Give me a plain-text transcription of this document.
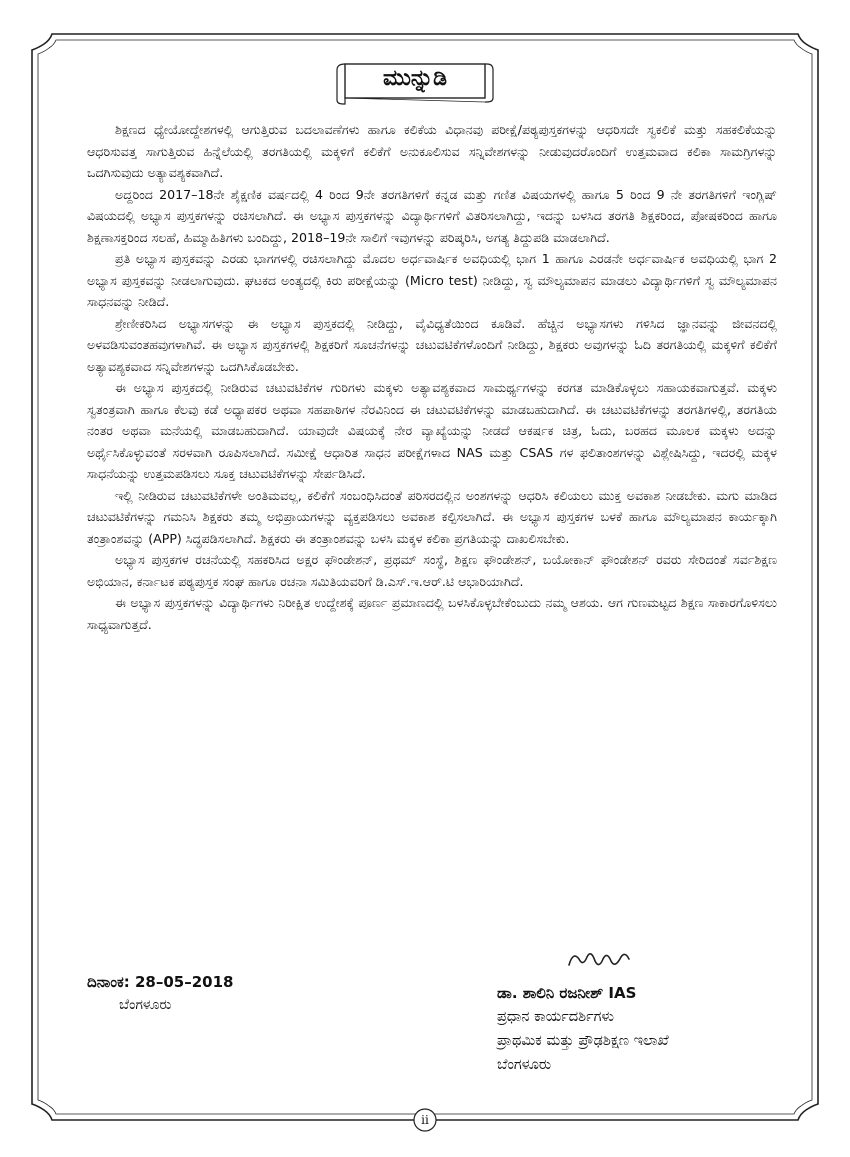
ಮುನ್ನುಡಿ

ಶಿಕ್ಷಣದ ಧ್ಯೇಯೋದ್ದೇಶಗಳಲ್ಲಿ ಆಗುತ್ತಿರುವ ಬದಲಾವಣೆಗಳು ಹಾಗೂ ಕಲಿಕೆಯ ವಿಧಾನವು ಪರೀಕ್ಷೆ/ಪಠ್ಯಪುಸ್ತಕಗಳನ್ನು ಆಧರಿಸದೇ ಸ್ವಕಲಿಕೆ ಮತ್ತು ಸಹಕಲಿಕೆಯನ್ನು ಆಧರಿಸುವತ್ತ ಸಾಗುತ್ತಿರುವ ಹಿನ್ನೆಲೆಯಲ್ಲಿ ತರಗತಿಯಲ್ಲಿ ಮಕ್ಕಳಿಗೆ ಕಲಿಕೆಗೆ ಅನುಕೂಲಿಸುವ ಸನ್ನಿವೇಶಗಳನ್ನು ನೀಡುವುದರೊಂದಿಗೆ ಉತ್ತಮವಾದ ಕಲಿಕಾ ಸಾಮಗ್ರಿಗಳನ್ನು ಒದಗಿಸುವುದು ಅತ್ಯಾವಶ್ಯಕವಾಗಿದೆ.

ಅದ್ದರಿಂದ 2017–18ನೇ ಶೈಕ್ಷಣಿಕ ವರ್ಷದಲ್ಲಿ 4 ರಿಂದ 9ನೇ ತರಗತಿಗಳಿಗೆ ಕನ್ನಡ ಮತ್ತು ಗಣಿತ ವಿಷಯಗಳಲ್ಲಿ ಹಾಗೂ 5 ರಿಂದ 9 ನೇ ತರಗತಿಗಳಿಗೆ ಇಂಗ್ಲಿಷ್ ವಿಷಯದಲ್ಲಿ ಅಭ್ಯಾಸ ಪುಸ್ತಕಗಳನ್ನು ರಚಿಸಲಾಗಿದೆ. ಈ ಅಭ್ಯಾಸ ಪುಸ್ತಕಗಳನ್ನು ವಿದ್ಯಾರ್ಥಿಗಳಿಗೆ ವಿತರಿಸಲಾಗಿದ್ದು, ಇದನ್ನು ಬಳಸಿದ ತರಗತಿ ಶಿಕ್ಷಕರಿಂದ, ಪೋಷಕರಿಂದ ಹಾಗೂ ಶಿಕ್ಷಣಾಸಕ್ತರಿಂದ ಸಲಹೆ, ಹಿಮ್ಮಾಹಿತಿಗಳು ಬಂದಿದ್ದು, 2018–19ನೇ ಸಾಲಿಗೆ ಇವುಗಳನ್ನು ಪರಿಷ್ಕರಿಸಿ, ಅಗತ್ಯ ತಿದ್ದುಪಡಿ ಮಾಡಲಾಗಿದೆ.

ಪ್ರತಿ ಅಭ್ಯಾಸ ಪುಸ್ತಕವನ್ನು ಎರಡು ಭಾಗಗಳಲ್ಲಿ ರಚಿಸಲಾಗಿದ್ದು ಮೊದಲ ಅರ್ಧವಾರ್ಷಿಕ ಅವಧಿಯಲ್ಲಿ ಭಾಗ 1 ಹಾಗೂ ಎರಡನೇ ಅರ್ಧವಾರ್ಷಿಕ ಅವಧಿಯಲ್ಲಿ ಭಾಗ 2 ಅಭ್ಯಾಸ ಪುಸ್ತಕವನ್ನು ನೀಡಲಾಗುವುದು. ಘಟಕದ ಅಂತ್ಯದಲ್ಲಿ ಕಿರು ಪರೀಕ್ಷೆಯನ್ನು (Micro test) ನೀಡಿದ್ದು, ಸ್ವ ಮೌಲ್ಯಮಾಪನ ಮಾಡಲು ವಿದ್ಯಾರ್ಥಿಗಳಿಗೆ ಸ್ವ ಮೌಲ್ಯಮಾಪನ ಸಾಧನವನ್ನು ನೀಡಿದೆ.

ಶ್ರೇಣೀಕರಿಸಿದ ಅಭ್ಯಾಸಗಳನ್ನು ಈ ಅಭ್ಯಾಸ ಪುಸ್ತಕದಲ್ಲಿ ನೀಡಿದ್ದು, ವೈವಿಧ್ಯತೆಯಿಂದ ಕೂಡಿವೆ. ಹೆಚ್ಚಿನ ಅಭ್ಯಾಸಗಳು ಗಳಿಸಿದ ಜ್ಞಾನವನ್ನು ಜೀವನದಲ್ಲಿ ಅಳವಡಿಸುವಂತಹವುಗಳಾಗಿವೆ. ಈ ಅಭ್ಯಾಸ ಪುಸ್ತಕಗಳಲ್ಲಿ ಶಿಕ್ಷಕರಿಗೆ ಸೂಚನೆಗಳನ್ನು ಚಟುವಟಿಕೆಗಳೊಂದಿಗೆ ನೀಡಿದ್ದು, ಶಿಕ್ಷಕರು ಅವುಗಳನ್ನು ಓದಿ ತರಗತಿಯಲ್ಲಿ ಮಕ್ಕಳಿಗೆ ಕಲಿಕೆಗೆ ಅತ್ಯಾವಶ್ಯಕವಾದ ಸನ್ನಿವೇಶಗಳನ್ನು ಒದಗಿಸಿಕೊಡಬೇಕು.

ಈ ಅಭ್ಯಾಸ ಪುಸ್ತಕದಲ್ಲಿ ನೀಡಿರುವ ಚಟುವಟಿಕೆಗಳ ಗುರಿಗಳು ಮಕ್ಕಳು ಅತ್ಯಾವಶ್ಯಕವಾದ ಸಾಮರ್ಥ್ಯಗಳನ್ನು ಕರಗತ ಮಾಡಿಕೊಳ್ಳಲು ಸಹಾಯಕವಾಗುತ್ತವೆ. ಮಕ್ಕಳು ಸ್ವತಂತ್ರವಾಗಿ ಹಾಗೂ ಕೆಲವು ಕಡೆ ಅಧ್ಯಾಪಕರ ಅಥವಾ ಸಹಪಾಠಿಗಳ ನೆರವಿನಿಂದ ಈ ಚಟುವಟಿಕೆಗಳನ್ನು ಮಾಡಬಹುದಾಗಿದೆ. ಈ ಚಟುವಟಿಕೆಗಳನ್ನು ತರಗತಿಗಳಲ್ಲಿ, ತರಗತಿಯ ನಂತರ ಅಥವಾ ಮನೆಯಲ್ಲಿ ಮಾಡಬಹುದಾಗಿದೆ. ಯಾವುದೇ ವಿಷಯಕ್ಕೆ ನೇರ ವ್ಯಾಖ್ಯೆಯನ್ನು ನೀಡದೆ ಆಕರ್ಷಕ ಚಿತ್ರ, ಓದು, ಬರಹದ ಮೂಲಕ ಮಕ್ಕಳು ಅದನ್ನು ಅರ್ಥೈಸಿಕೊಳ್ಳುವಂತೆ ಸರಳವಾಗಿ ರೂಪಿಸಲಾಗಿದೆ. ಸಮೀಕ್ಷೆ ಆಧಾರಿತ ಸಾಧನ ಪರೀಕ್ಷೆಗಳಾದ NAS ಮತ್ತು CSAS ಗಳ ಫಲಿತಾಂಶಗಳನ್ನು ವಿಶ್ಲೇಷಿಸಿದ್ದು, ಇದರಲ್ಲಿ ಮಕ್ಕಳ ಸಾಧನೆಯನ್ನು ಉತ್ತಮಪಡಿಸಲು ಸೂಕ್ತ ಚಟುವಟಿಕೆಗಳನ್ನು ಸೇರ್ಪಡಿಸಿದೆ.

ಇಲ್ಲಿ ನೀಡಿರುವ ಚಟುವಟಿಕೆಗಳೇ ಅಂತಿಮವಲ್ಲ, ಕಲಿಕೆಗೆ ಸಂಬಂಧಿಸಿದಂತೆ ಪರಿಸರದಲ್ಲಿನ ಅಂಶಗಳನ್ನು ಆಧರಿಸಿ ಕಲಿಯಲು ಮುಕ್ತ ಅವಕಾಶ ನೀಡಬೇಕು. ಮಗು ಮಾಡಿದ ಚಟುವಟಿಕೆಗಳನ್ನು ಗಮನಿಸಿ ಶಿಕ್ಷಕರು ತಮ್ಮ ಅಭಿಪ್ರಾಯಗಳನ್ನು ವ್ಯಕ್ತಪಡಿಸಲು ಅವಕಾಶ ಕಲ್ಪಿಸಲಾಗಿದೆ. ಈ ಅಭ್ಯಾಸ ಪುಸ್ತಕಗಳ ಬಳಕೆ ಹಾಗೂ ಮೌಲ್ಯಮಾಪನ ಕಾರ್ಯಕ್ಕಾಗಿ ತಂತ್ರಾಂಶವನ್ನು (APP) ಸಿದ್ಧಪಡಿಸಲಾಗಿದೆ. ಶಿಕ್ಷಕರು ಈ ತಂತ್ರಾಂಶವನ್ನು ಬಳಸಿ ಮಕ್ಕಳ ಕಲಿಕಾ ಪ್ರಗತಿಯನ್ನು ದಾಖಲಿಸಬೇಕು.

ಅಭ್ಯಾಸ ಪುಸ್ತಕಗಳ ರಚನೆಯಲ್ಲಿ ಸಹಕರಿಸಿದ ಅಕ್ಷರ ಫೌಂಡೇಶನ್, ಪ್ರಥಮ್ ಸಂಸ್ಥೆ, ಶಿಕ್ಷಣ ಫೌಂಡೇಶನ್, ಬಯೋಕಾನ್ ಫೌಂಡೇಶನ್ ರವರು ಸೇರಿದಂತೆ ಸರ್ವಶಿಕ್ಷಣ ಅಭಿಯಾನ, ಕರ್ನಾಟಕ ಪಠ್ಯಪುಸ್ತಕ ಸಂಘ ಹಾಗೂ ರಚನಾ ಸಮಿತಿಯವರಿಗೆ ಡಿ.ಎಸ್.ಇ.ಆರ್.ಟಿ ಆಭಾರಿಯಾಗಿದೆ.

ಈ ಅಭ್ಯಾಸ ಪುಸ್ತಕಗಳನ್ನು ವಿದ್ಯಾರ್ಥಿಗಳು ನಿರೀಕ್ಷಿತ ಉದ್ದೇಶಕ್ಕೆ ಪೂರ್ಣ ಪ್ರಮಾಣದಲ್ಲಿ ಬಳಸಿಕೊಳ್ಳಬೇಕೆಂಬುದು ನಮ್ಮ ಆಶಯ. ಆಗ ಗುಣಮಟ್ಟದ ಶಿಕ್ಷಣ ಸಾಕಾರಗೊಳಿಸಲು ಸಾಧ್ಯವಾಗುತ್ತದೆ.

ದಿನಾಂಕ: 28–05–2018
ಬೆಂಗಳೂರು
ಡಾ. ಶಾಲಿನಿ ರಜನೀಶ್ IAS
ಪ್ರಧಾನ ಕಾರ್ಯದರ್ಶಿಗಳು
ಪ್ರಾಥಮಿಕ ಮತ್ತು ಪ್ರೌಢಶಿಕ್ಷಣ ಇಲಾಖೆ
ಬೆಂಗಳೂರು
ii
